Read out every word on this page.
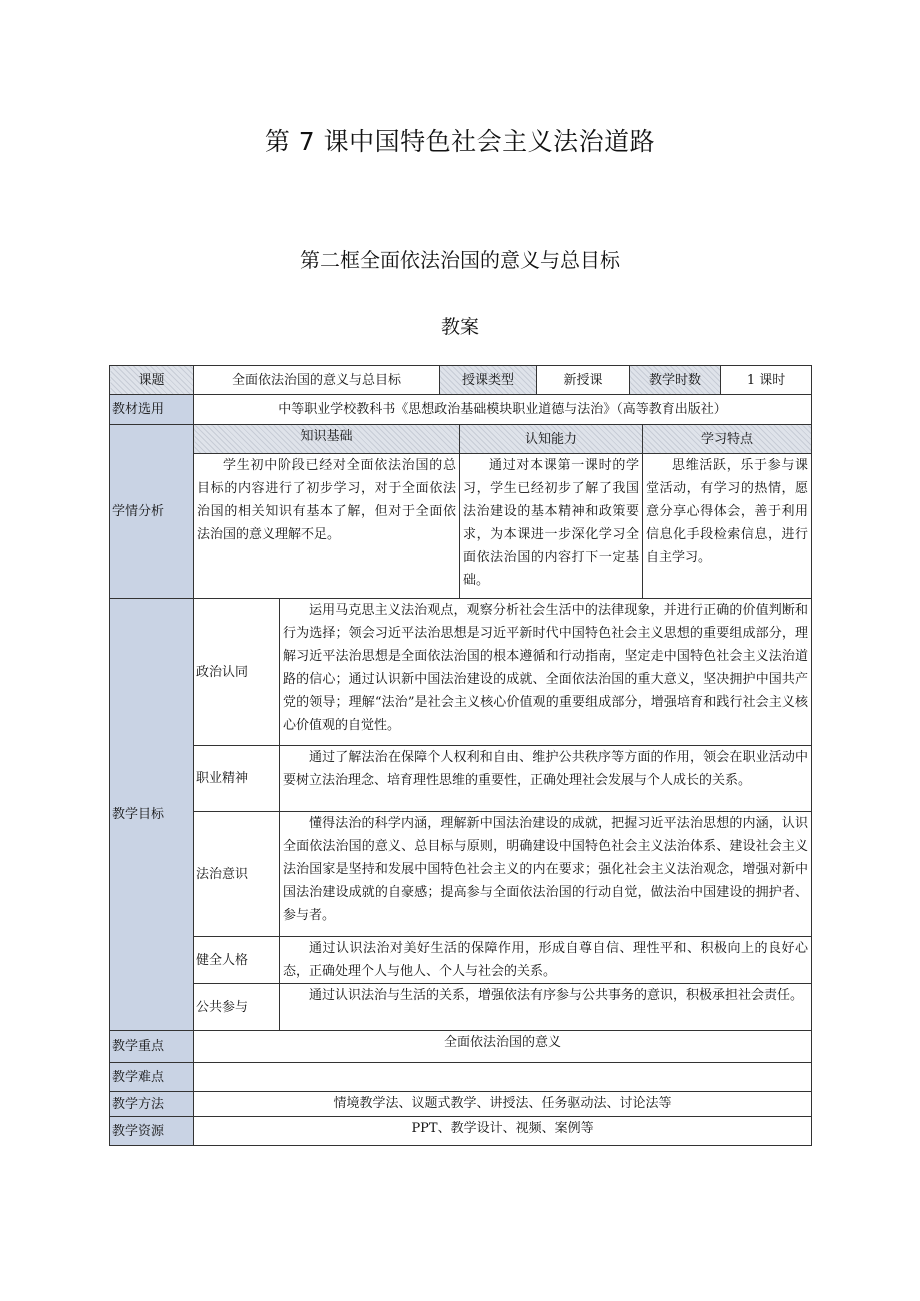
第 7 课中国特色社会主义法治道路
第二框全面依法治国的意义与总目标
教案
课题	全面依法治国的意义与总目标		授课类型		新授课	教学时数		1 课时
教材选用	中等职业学校教科书《思想政治基础模块职业道德与法治》（高等教育出版社）							
学情分析	知识基础			认知能力			学习特点	
	学生初中阶段已经对全面依法治国的总目标的内容进行了初步学习，对于全面依法治国的相关知识有基本了解，但对于全面依法治国的意义理解不足。			通过对本课第一课时的学习，学生已经初步了解了我国法治建设的基本精神和政策要求，为本课进一步深化学习全面依法治国的内容打下一定基础。			思维活跃，乐于参与课堂活动，有学习的热情，愿意分享心得体会，善于利用信息化手段检索信息，进行自主学习。	
教学目标	政治认同	运用马克思主义法治观点，观察分析社会生活中的法律现象，并进行正确的价值判断和行为选择；领会习近平法治思想是习近平新时代中国特色社会主义思想的重要组成部分，理解习近平法治思想是全面依法治国的根本遵循和行动指南，坚定走中国特色社会主义法治道路的信心；通过认识新中国法治建设的成就、全面依法治国的重大意义，坚决拥护中国共产党的领导；理解“法治”是社会主义核心价值观的重要组成部分，增强培育和践行社会主义核心价值观的自觉性。						
	职业精神	通过了解法治在保障个人权利和自由、维护公共秩序等方面的作用，领会在职业活动中要树立法治理念、培育理性思维的重要性，正确处理社会发展与个人成长的关系。						
	法治意识	懂得法治的科学内涵，理解新中国法治建设的成就，把握习近平法治思想的内涵，认识全面依法治国的意义、总目标与原则，明确建设中国特色社会主义法治体系、建设社会主义法治国家是坚持和发展中国特色社会主义的内在要求；强化社会主义法治观念，增强对新中国法治建设成就的自豪感；提高参与全面依法治国的行动自觉，做法治中国建设的拥护者、参与者。						
	健全人格	通过认识法治对美好生活的保障作用，形成自尊自信、理性平和、积极向上的良好心态，正确处理个人与他人、个人与社会的关系。						
	公共参与	通过认识法治与生活的关系，增强依法有序参与公共事务的意识，积极承担社会责任。						
教学重点	全面依法治国的意义							
教学难点								
教学方法	情境教学法、议题式教学、讲授法、任务驱动法、讨论法等							
教学资源	PPT、教学设计、视频、案例等							
